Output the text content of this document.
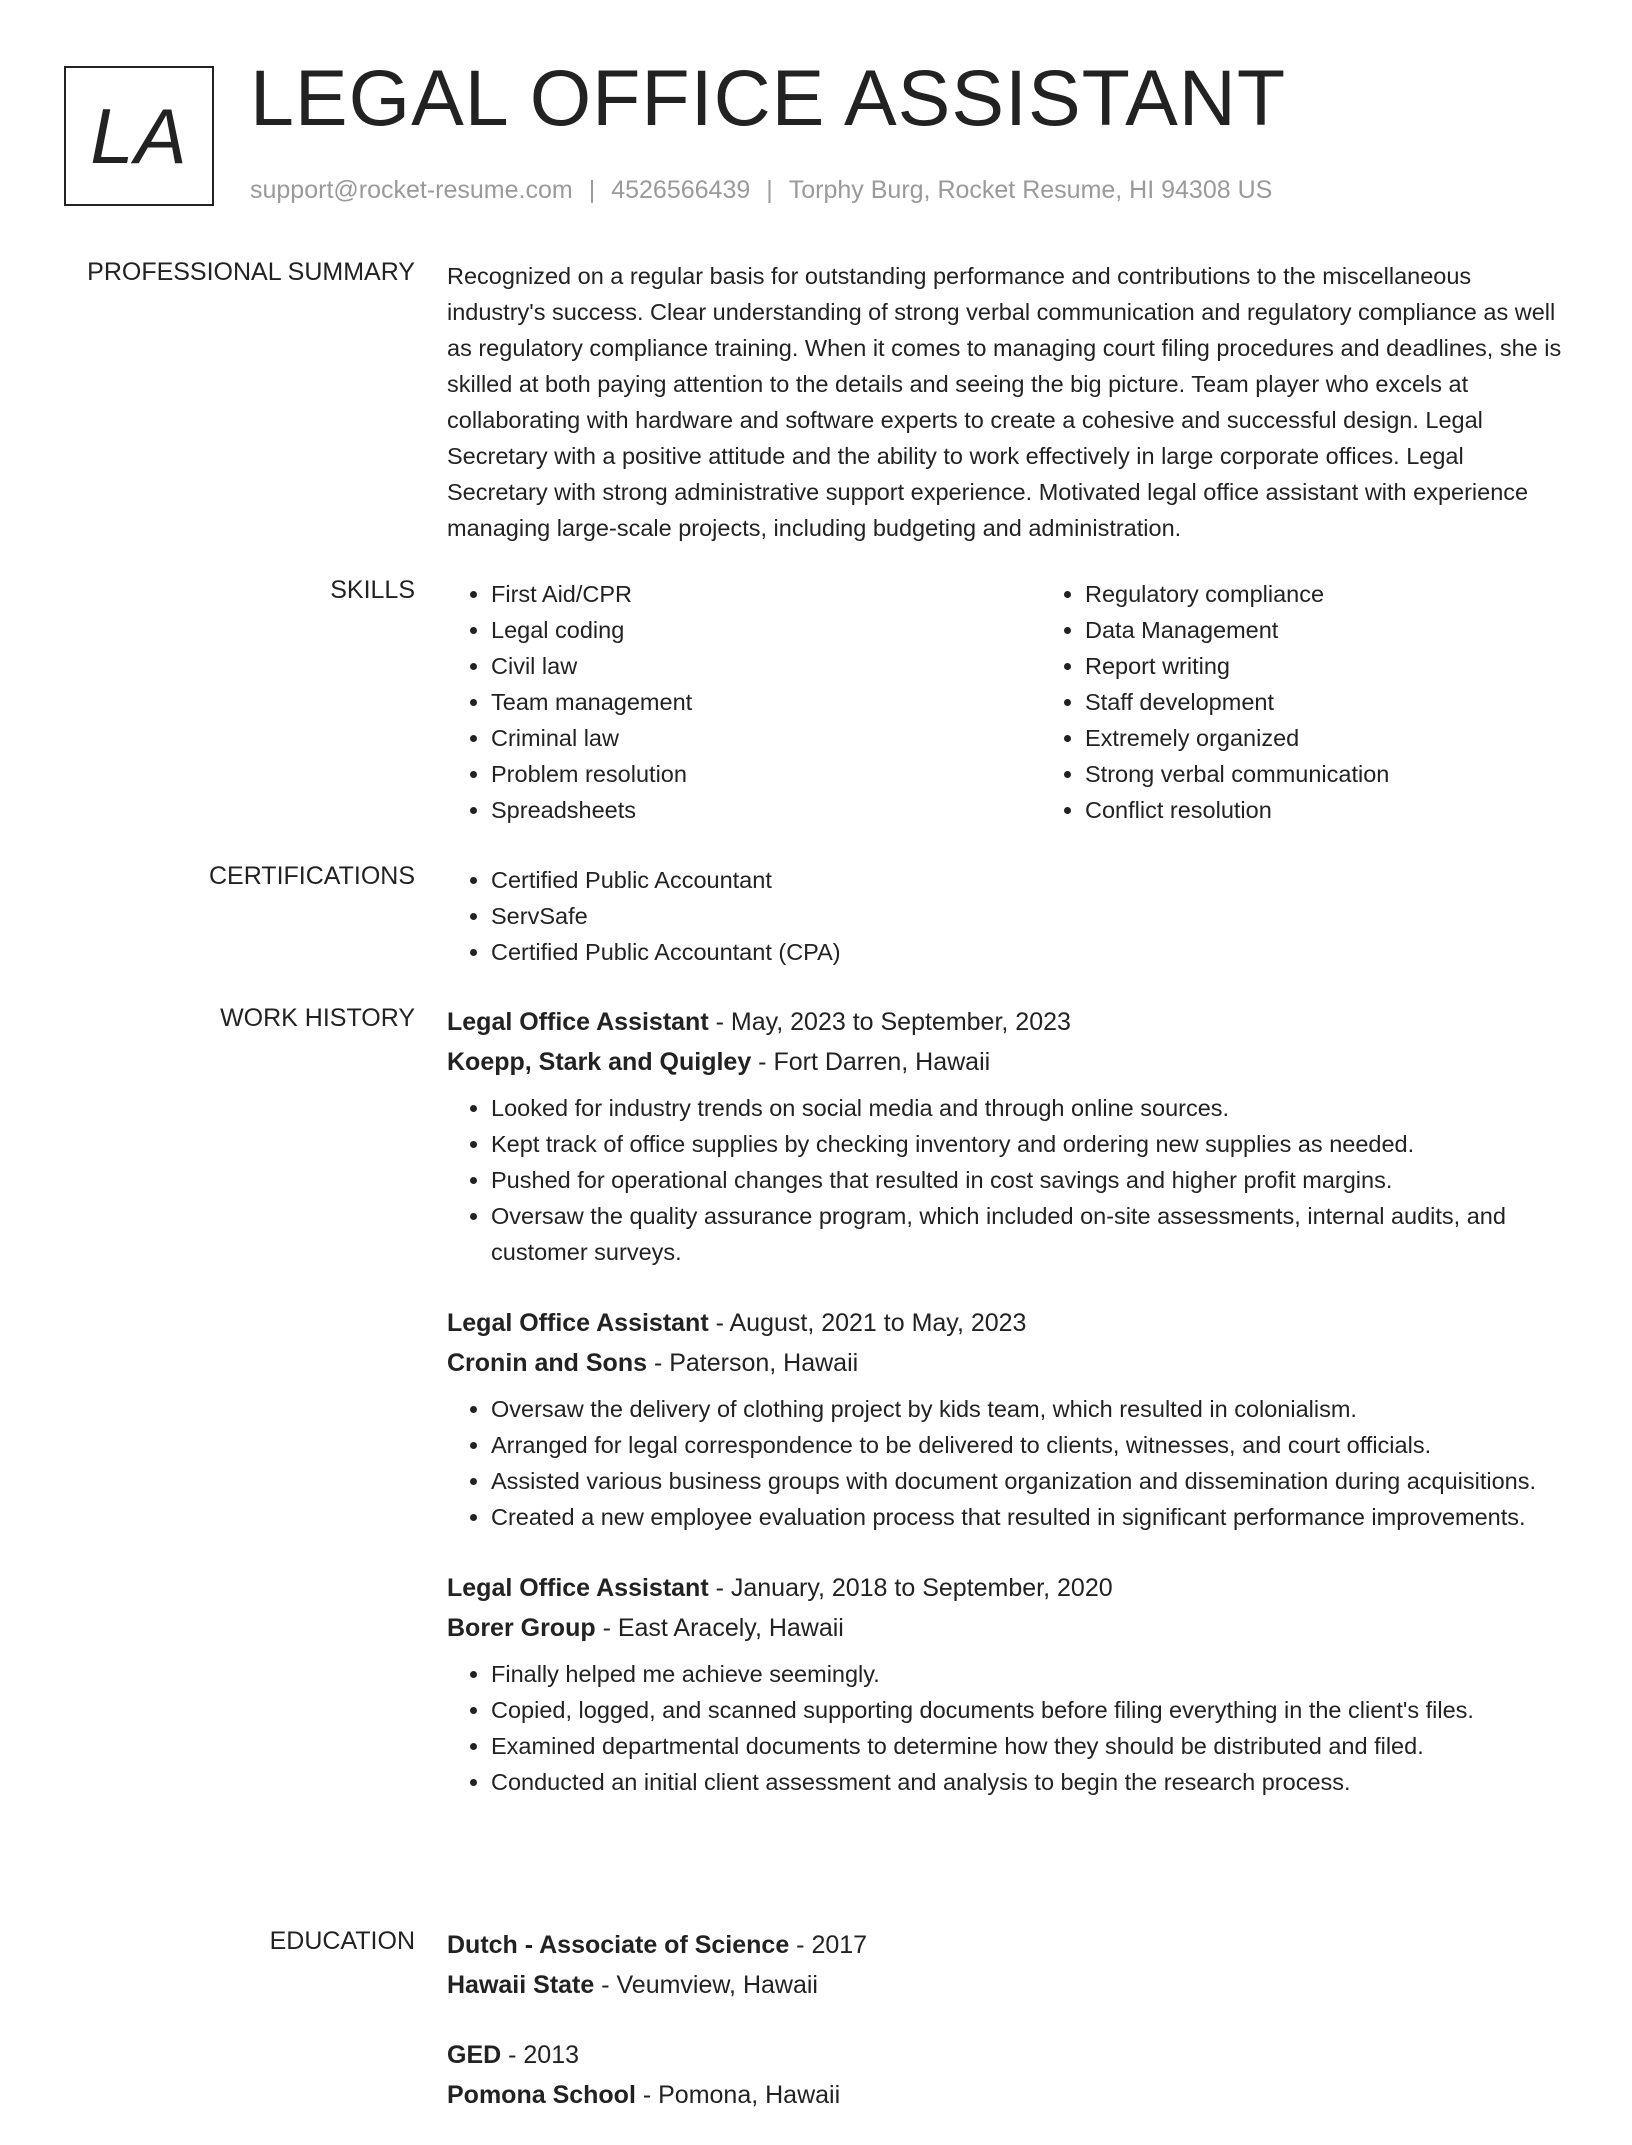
LA LEGAL OFFICE ASSISTANT
support@rocket-resume.com | 4526566439 | Torphy Burg, Rocket Resume, HI 94308 US
PROFESSIONAL SUMMARY Recognized on a regular basis for outstanding performance and contributions to the miscellaneous industry's success. Clear understanding of strong verbal communication and regulatory compliance as well as regulatory compliance training. When it comes to managing court filing procedures and deadlines, she is skilled at both paying attention to the details and seeing the big picture. Team player who excels at collaborating with hardware and software experts to create a cohesive and successful design. Legal Secretary with a positive attitude and the ability to work effectively in large corporate offices. Legal Secretary with strong administrative support experience. Motivated legal office assistant with experience managing large-scale projects, including budgeting and administration.
SKILLS	• First Aid/CPR
• Legal coding
• Civil law
• Team management
• Criminal law
• Problem resolution
• Spreadsheets
• Regulatory compliance
• Data Management
• Report writing
• Staff development
• Extremely organized
• Strong verbal communication
• Conflict resolution
CERTIFICATIONS	• Certified Public Accountant
• ServSafe
• Certified Public Accountant (CPA)
WORK HISTORY Legal Office Assistant - May, 2023 to September, 2023
Koepp, Stark and Quigley - Fort Darren, Hawaii
• Looked for industry trends on social media and through online sources.
• Kept track of office supplies by checking inventory and ordering new supplies as needed.
• Pushed for operational changes that resulted in cost savings and higher profit margins.
• Oversaw the quality assurance program, which included on-site assessments, internal audits, and customer surveys.
Legal Office Assistant - August, 2021 to May, 2023
Cronin and Sons - Paterson, Hawaii
• Oversaw the delivery of clothing project by kids team, which resulted in colonialism.
• Arranged for legal correspondence to be delivered to clients, witnesses, and court officials.
• Assisted various business groups with document organization and dissemination during acquisitions.
• Created a new employee evaluation process that resulted in significant performance improvements.
Legal Office Assistant - January, 2018 to September, 2020
Borer Group - East Aracely, Hawaii
• Finally helped me achieve seemingly.
• Copied, logged, and scanned supporting documents before filing everything in the client's files.
• Examined departmental documents to determine how they should be distributed and filed.
• Conducted an initial client assessment and analysis to begin the research process.
EDUCATION Dutch - Associate of Science - 2017
Hawaii State - Veumview, Hawaii
GED - 2013
Pomona School - Pomona, Hawaii
